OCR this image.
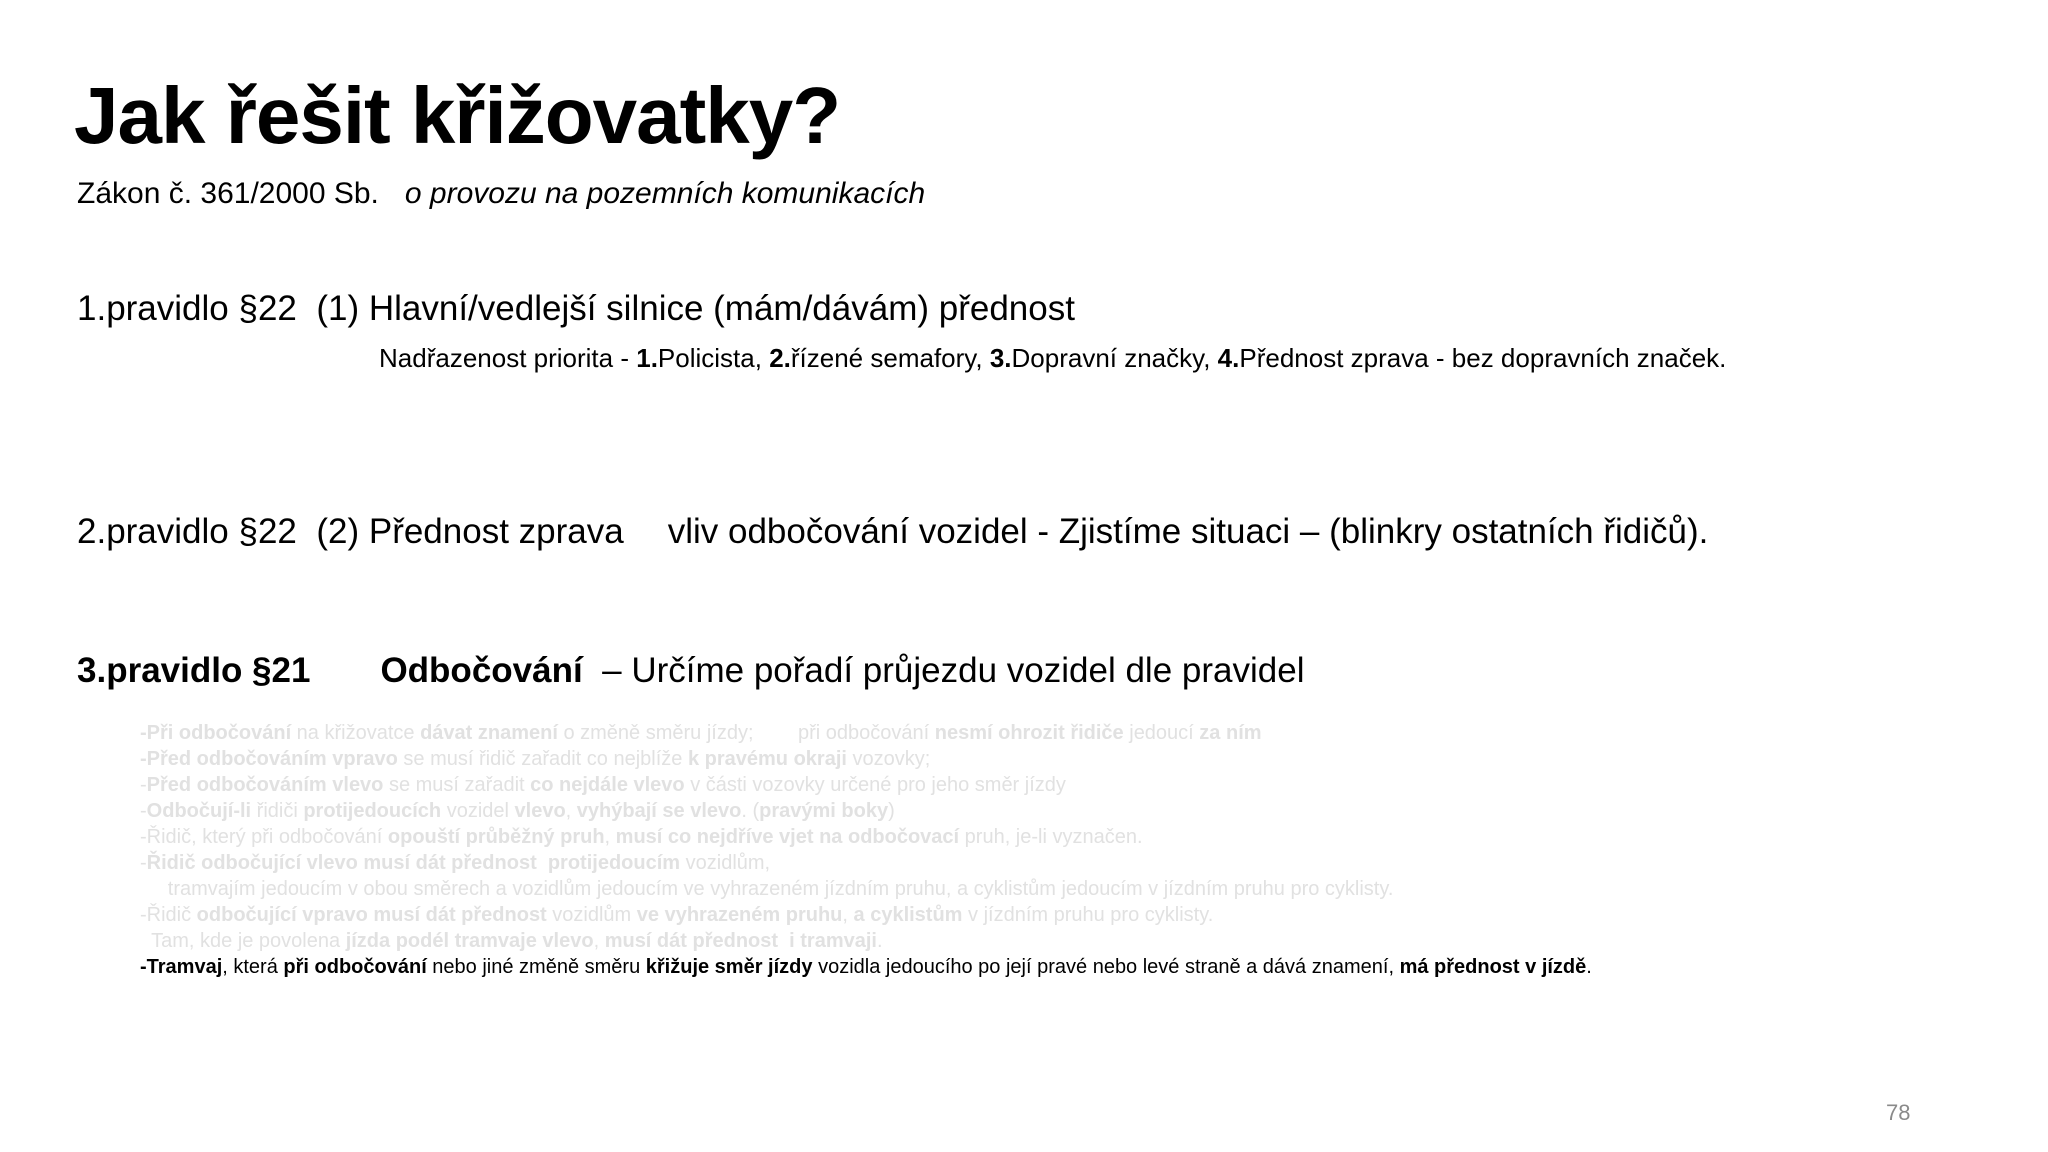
Jak řešit křižovatky?
Zákon č. 361/2000 Sb. o provozu na pozemních komunikacích
1.pravidlo §22 (1) Hlavní/vedlejší silnice (mám/dávám) přednost
Nadřazenost priorita - 1.Policista, 2.řízené semafory, 3.Dopravní značky, 4.Přednost zprava - bez dopravních značek.
2.pravidlo §22 (2) Přednost zprava vliv odbočování vozidel - Zjistíme situaci – (blinkry ostatních řidičů).
3.pravidlo §21 Odbočování – Určíme pořadí průjezdu vozidel dle pravidel
-Při odbočování na křižovatce dávat znamení o změně směru jízdy;        při odbočování nesmí ohrozit řidiče jedoucí za ním
-Před odbočováním vpravo se musí řidič zařadit co nejblíže k pravému okraji vozovky;
-Před odbočováním vlevo se musí zařadit co nejdále vlevo v části vozovky určené pro jeho směr jízdy
-Odbočují-li řidiči protijedoucích vozidel vlevo, vyhýbají se vlevo. (pravými boky)
-Řidič, který při odbočování opouští průběžný pruh, musí co nejdříve vjet na odbočovací pruh, je-li vyznačen.
-Řidič odbočující vlevo musí dát přednost  protijedoucím vozidlům,
tramvajím jedoucím v obou směrech a vozidlům jedoucím ve vyhrazeném jízdním pruhu, a cyklistům jedoucím v jízdním pruhu pro cyklisty.
-Řidič odbočující vpravo musí dát přednost vozidlům ve vyhrazeném pruhu, a cyklistům v jízdním pruhu pro cyklisty.
Tam, kde je povolena jízda podél tramvaje vlevo, musí dát přednost  i tramvaji.
-Tramvaj, která při odbočování nebo jiné změně směru křižuje směr jízdy vozidla jedoucího po její pravé nebo levé straně a dává znamení, má přednost v jízdě.
78
